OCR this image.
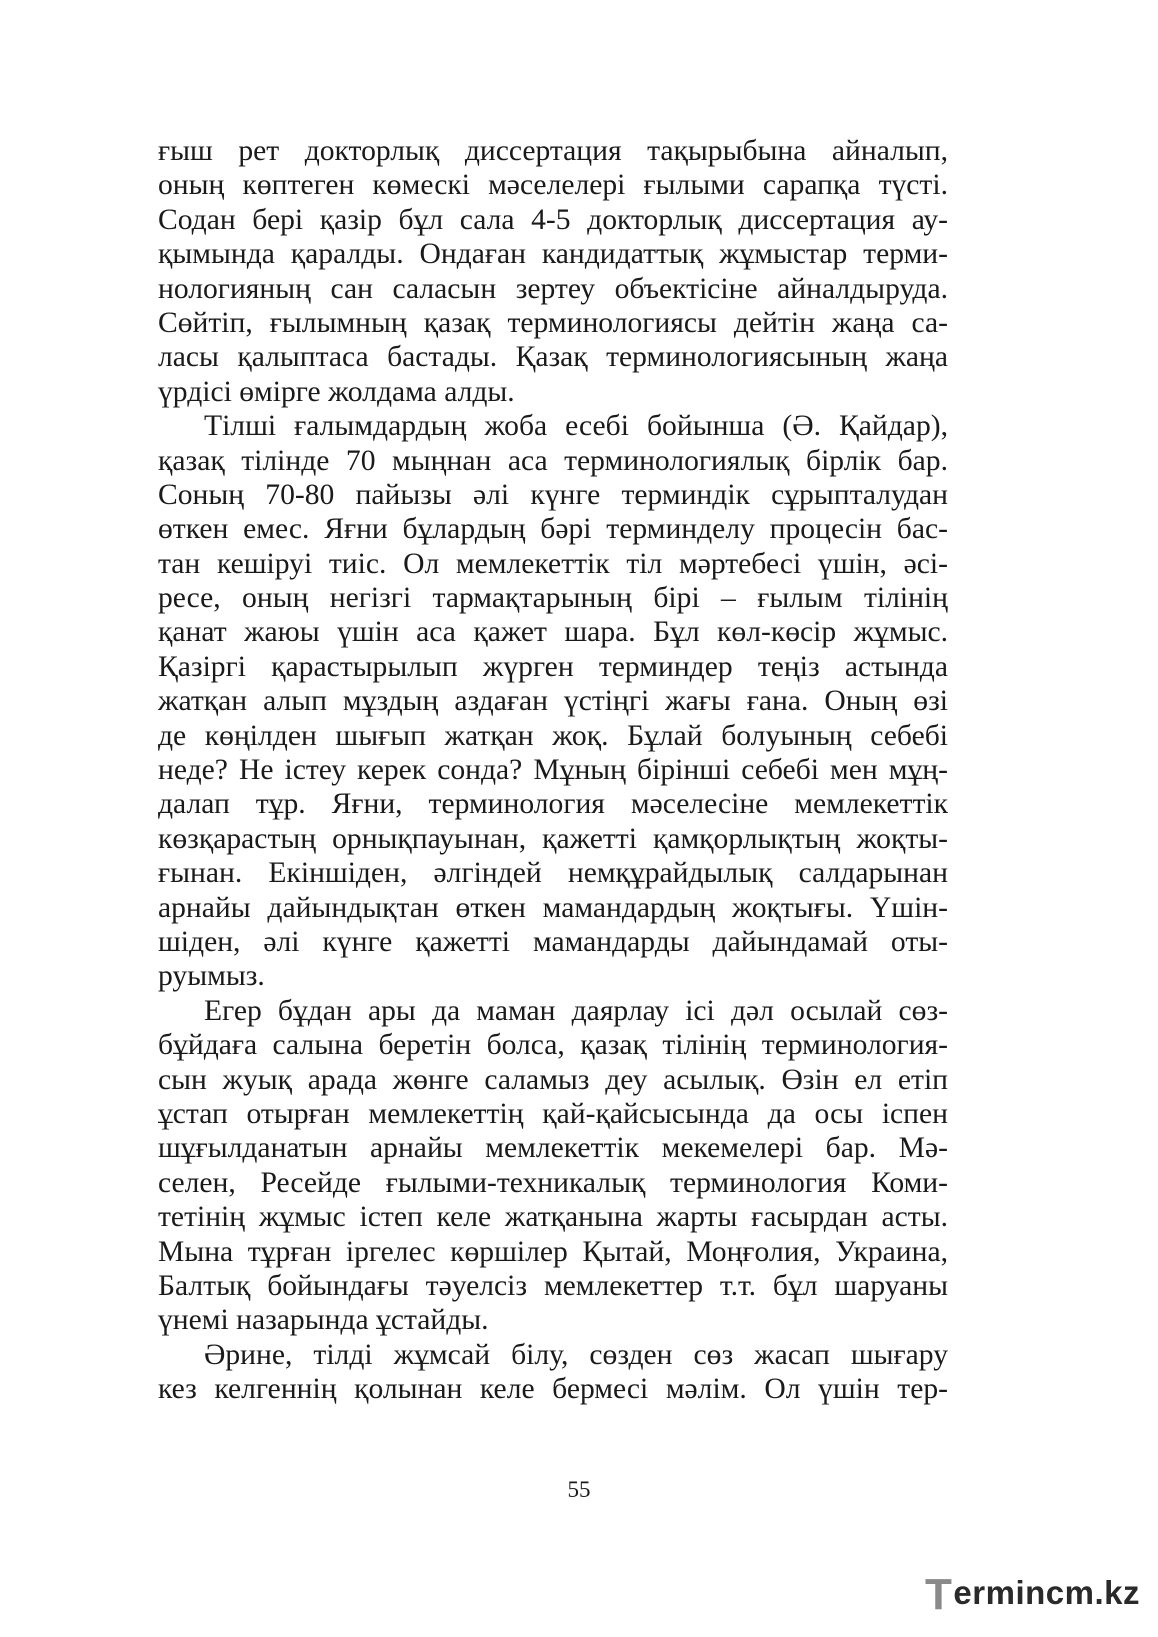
ғыш рет докторлық диссертация тақырыбына айналып,
оның көптеген көмескі мәселелері ғылыми сарапқа түсті.
Содан бері қазір бұл сала 4-5 докторлық диссертация ау-
қымында қаралды. Ондаған кандидаттық жұмыстар терми-
нологияның сан саласын зертеу объектісіне айналдыруда.
Сөйтіп, ғылымның қазақ терминологиясы дейтін жаңа са-
ласы қалыптаса бастады. Қазақ терминологиясының жаңа
үрдісі өмірге жолдама алды.
Тілші ғалымдардың жоба есебі бойынша (Ә. Қайдар),
қазақ тілінде 70 мыңнан аса терминологиялық бірлік бар.
Соның 70-80 пайызы әлі күнге терминдік сұрыпталудан
өткен емес. Яғни бұлардың бәрі терминделу процесін бас-
тан кешіруі тиіс. Ол мемлекеттік тіл мәртебесі үшін, әсі-
ресе, оның негізгі тармақтарының бірі – ғылым тілінің
қанат жаюы үшін аса қажет шара. Бұл көл-көсір жұмыс.
Қазіргі қарастырылып жүрген терминдер теңіз астында
жатқан алып мұздың аздаған үстіңгі жағы ғана. Оның өзі
де көңілден шығып жатқан жоқ. Бұлай болуының себебі
неде? Не істеу керек сонда? Мұның бірінші себебі мен мұң-
далап тұр. Яғни, терминология мәселесіне мемлекеттік
көзқарастың орнықпауынан, қажетті қамқорлықтың жоқты-
ғынан. Екіншіден, әлгіндей немқұрайдылық салдарынан
арнайы дайындықтан өткен мамандардың жоқтығы. Үшін-
шіден, әлі күнге қажетті мамандарды дайындамай оты-
руымыз.
Егер бұдан ары да маман даярлау ісі дәл осылай сөз-
бұйдаға салына беретін болса, қазақ тілінің терминология-
сын жуық арада жөнге саламыз деу асылық. Өзін ел етіп
ұстап отырған мемлекеттің қай-қайсысында да осы іспен
шұғылданатын арнайы мемлекеттік мекемелері бар. Мә-
селен, Ресейде ғылыми-техникалық терминология Коми-
тетінің жұмыс істеп келе жатқанына жарты ғасырдан асты.
Мына тұрған іргелес көршілер Қытай, Моңғолия, Украина,
Балтық бойындағы тәуелсіз мемлекеттер т.т. бұл шаруаны
үнемі назарында ұстайды.
Әрине, тілді жұмсай білу, сөзден сөз жасап шығару
кез келгеннің қолынан келе бермесі мәлім. Ол үшін тер-
55
Termincm.kz
